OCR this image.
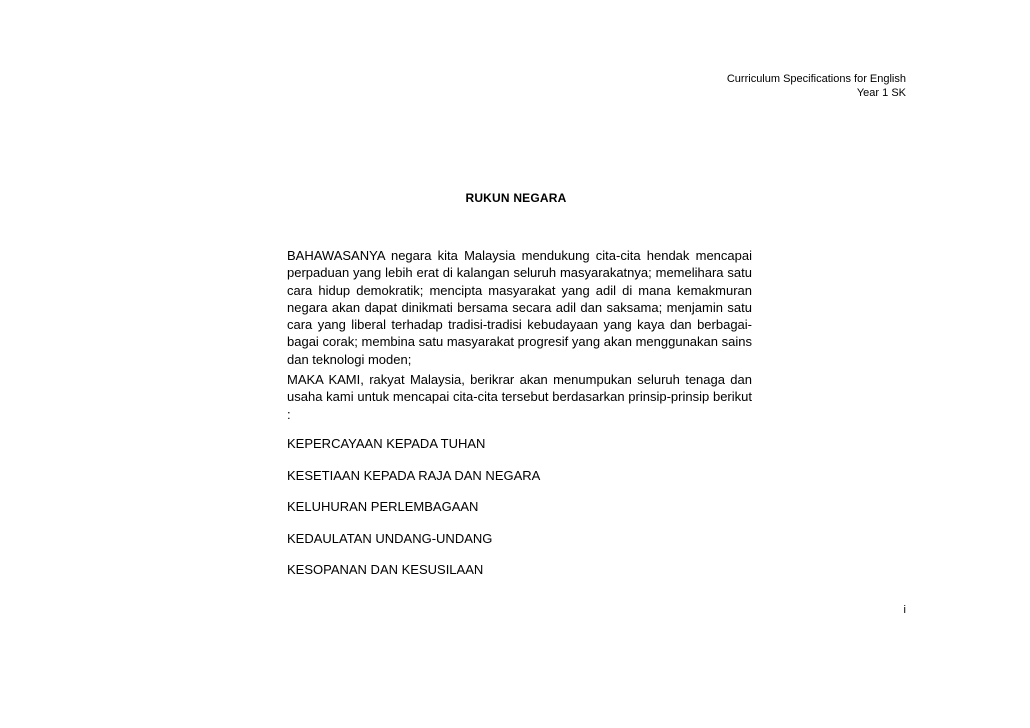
Curriculum Specifications for English
Year 1 SK
RUKUN NEGARA

BAHAWASANYA negara kita Malaysia mendukung cita-cita hendak mencapai perpaduan yang lebih erat di kalangan seluruh masyarakatnya; memelihara satu cara hidup demokratik; mencipta masyarakat yang adil di mana kemakmuran negara akan dapat dinikmati bersama secara adil dan saksama; menjamin satu cara yang liberal terhadap tradisi-tradisi kebudayaan yang kaya dan berbagai-bagai corak; membina satu masyarakat progresif yang akan menggunakan sains dan teknologi moden;

MAKA KAMI, rakyat Malaysia, berikrar akan menumpukan seluruh tenaga dan usaha kami untuk mencapai cita-cita tersebut berdasarkan prinsip-prinsip berikut :

KEPERCAYAAN KEPADA TUHAN
KESETIAAN KEPADA RAJA DAN NEGARA
KELUHURAN PERLEMBAGAAN
KEDAULATAN UNDANG-UNDANG
KESOPANAN DAN KESUSILAAN
i
